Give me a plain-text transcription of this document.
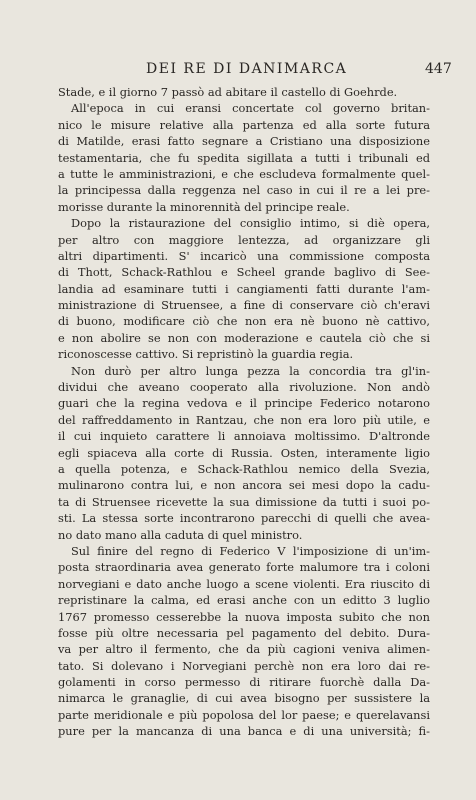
DEI RE DI DANIMARCA	447
Stade, e il giorno 7 passò ad abitare il castello di Goehrde.
All'epoca in cui eransi concertate col governo britan-
nico le misure relative alla partenza ed alla sorte futura
di Matilde, erasi fatto segnare a Cristiano una disposizione
testamentaria, che fu spedita sigillata a tutti i tribunali ed
a tutte le amministrazioni, e che escludeva formalmente quel-
la principessa dalla reggenza nel caso in cui il re a lei pre-
morisse durante la minorennità del principe reale.
Dopo la ristaurazione del consiglio intimo, si diè opera,
per altro con maggiore lentezza, ad organizzare gli
altri dipartimenti. S' incaricò una commissione composta
di Thott, Schack-Rathlou e Scheel grande baglivo di See-
landia ad esaminare tutti i cangiamenti fatti durante l'am-
ministrazione di Struensee, a fine di conservare ciò ch'eravi
di buono, modificare ciò che non era nè buono nè cattivo,
e non abolire se non con moderazione e cautela ciò che si
riconoscesse cattivo. Si repristinò la guardia regia.
Non durò per altro lunga pezza la concordia tra gl'in-
dividui che aveano cooperato alla rivoluzione. Non andò
guari che la regina vedova e il principe Federico notarono
del raffreddamento in Rantzau, che non era loro più utile, e
il cui inquieto carattere li annoiava moltissimo. D'altronde
egli spiaceva alla corte di Russia. Osten, interamente ligio
a quella potenza, e Schack-Rathlou nemico della Svezia,
mulinarono contra lui, e non ancora sei mesi dopo la cadu-
ta di Struensee ricevette la sua dimissione da tutti i suoi po-
sti. La stessa sorte incontrarono parecchi di quelli che avea-
no dato mano alla caduta di quel ministro.
Sul finire del regno di Federico V l'imposizione di un'im-
posta straordinaria avea generato forte malumore tra i coloni
norvegiani e dato anche luogo a scene violenti. Era riuscito di
repristinare la calma, ed erasi anche con un editto 3 luglio
1767 promesso cesserebbe la nuova imposta subito che non
fosse più oltre necessaria pel pagamento del debito. Dura-
va per altro il fermento, che da più cagioni veniva alimen-
tato. Si dolevano i Norvegiani perchè non era loro dai re-
golamenti in corso permesso di ritirare fuorchè dalla Da-
nimarca le granaglie, di cui avea bisogno per sussistere la
parte meridionale e più popolosa del lor paese; e querelavansi
pure per la mancanza di una banca e di una università; fi-
